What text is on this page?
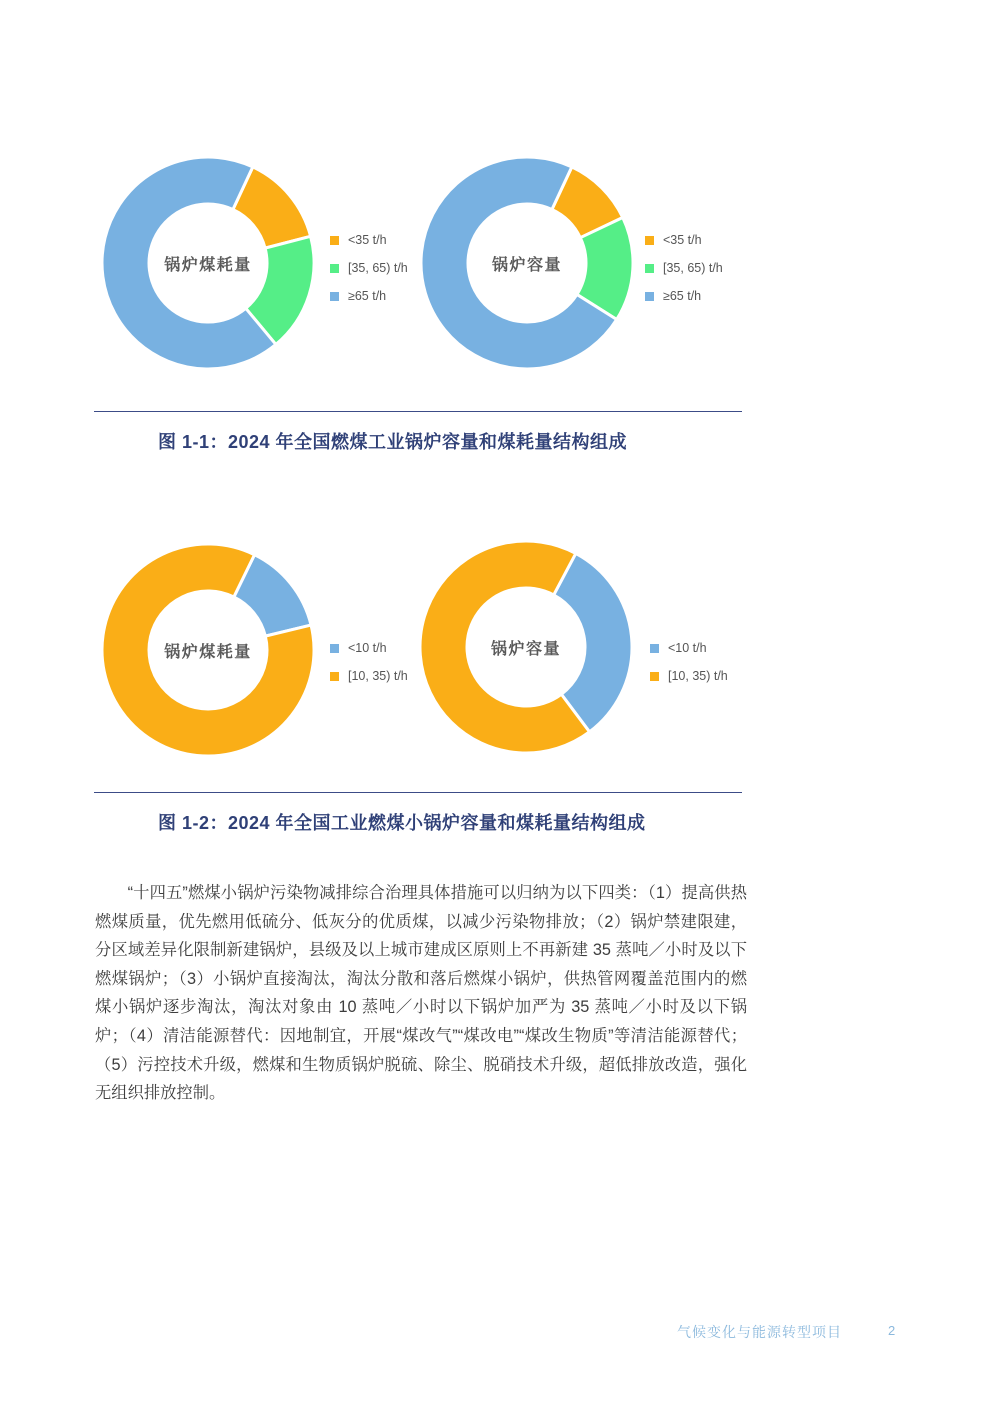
锅炉煤耗量
<35 t/h
[35, 65) t/h
≥65 t/h
锅炉容量
<35 t/h
[35, 65) t/h
≥65 t/h
图 1-1：2024 年全国燃煤工业锅炉容量和煤耗量结构组成
锅炉煤耗量	<10 t/h
[10, 35) t/h
锅炉容量	<10 t/h
[10, 35) t/h
图 1-2：2024 年全国工业燃煤小锅炉容量和煤耗量结构组成
“十四五”燃煤小锅炉污染物减排综合治理具体措施可以归纳为以下四类：（1）提高供热燃煤质量，优先燃用低硫分、低灰分的优质煤，以减少污染物排放；（2）锅炉禁建限建，分区域差异化限制新建锅炉，县级及以上城市建成区原则上不再新建 35 蒸吨／小时及以下燃煤锅炉；（3）小锅炉直接淘汰，淘汰分散和落后燃煤小锅炉，供热管网覆盖范围内的燃煤小锅炉逐步淘汰，淘汰对象由 10 蒸吨／小时以下锅炉加严为 35 蒸吨／小时及以下锅炉；（4）清洁能源替代：因地制宜，开展“煤改气”“煤改电”“煤改生物质”等清洁能源替代；（5）污控技术升级，燃煤和生物质锅炉脱硫、除尘、脱硝技术升级，超低排放改造，强化无组织排放控制。
气候变化与能源转型项目	2
